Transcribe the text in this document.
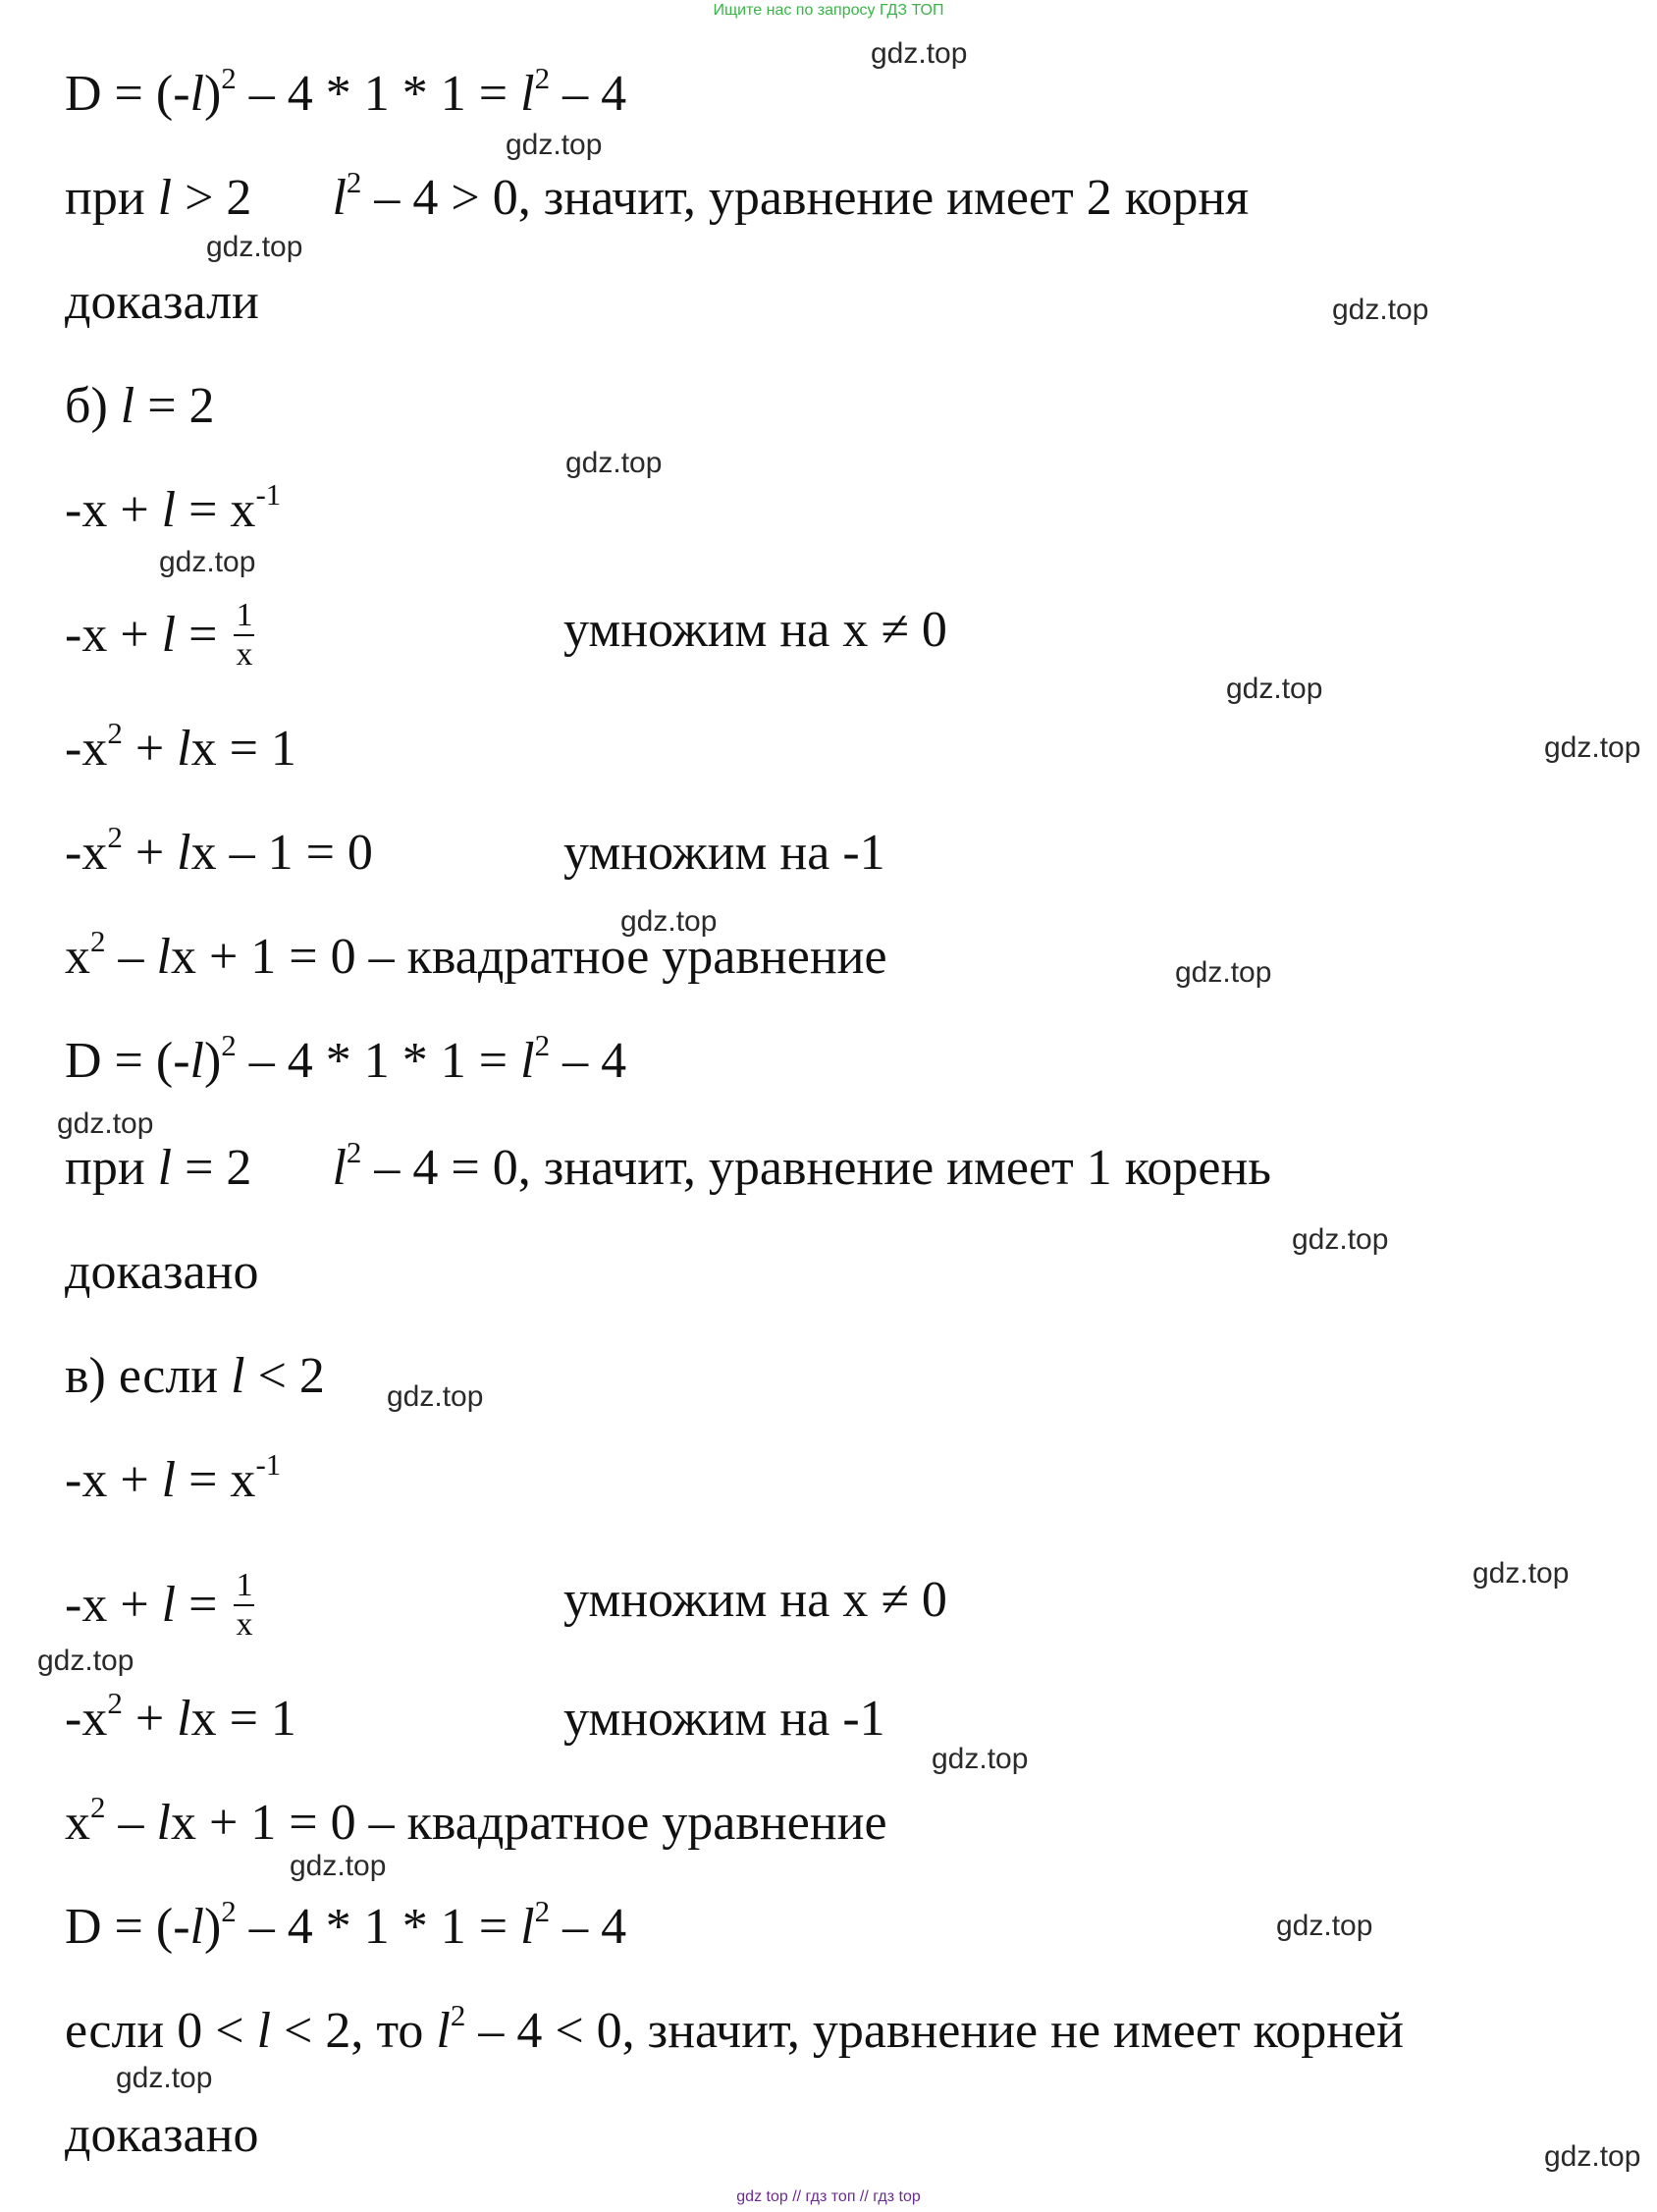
Ищите нас по запросу ГДЗ ТОП
$D = (-l)^2 - 4 * 1 * 1 = l^2 - 4$
при l > 2 $l^2 - 4 > 0$, значит, уравнение имеет 2 корня
доказали
б) l = 2
$-x + l = x^{-1}$
$-x + l = \frac{1}{x}$	умножим на x ≠ 0
$-x^2$ + lx = 1
$-x^2$ + lx – 1 = 0	умножим на -1
$x^2$ – lx + 1 = 0 – квадратное уравнение
$D = (-l)^2 - 4 * 1 * 1 = l^2 - 4$
при l = 2 $l^2 - 4 = 0$, значит, уравнение имеет 1 корень
доказано
в) если l < 2
$-x + l = x^{-1}$
$-x + l = \frac{1}{x}$	умножим на x ≠ 0
$-x^2$ + lx = 1	умножим на -1
$x^2$ – lx + 1 = 0 – квадратное уравнение
$D = (-l)^2 - 4 * 1 * 1 = l^2 - 4$
если 0 < l < 2, то $l^2 - 4 < 0$, значит, уравнение не имеет корней
доказано
gdz.top
gdz.top
gdz.top
gdz.top
gdz.top
gdz.top
gdz.top
gdz.top
gdz.top
gdz.top
gdz.top
gdz.top
gdz.top
gdz.top
gdz.top
gdz.top
gdz.top
gdz.top
gdz.top
gdz.top
gdz top // гдз топ // гдз top
